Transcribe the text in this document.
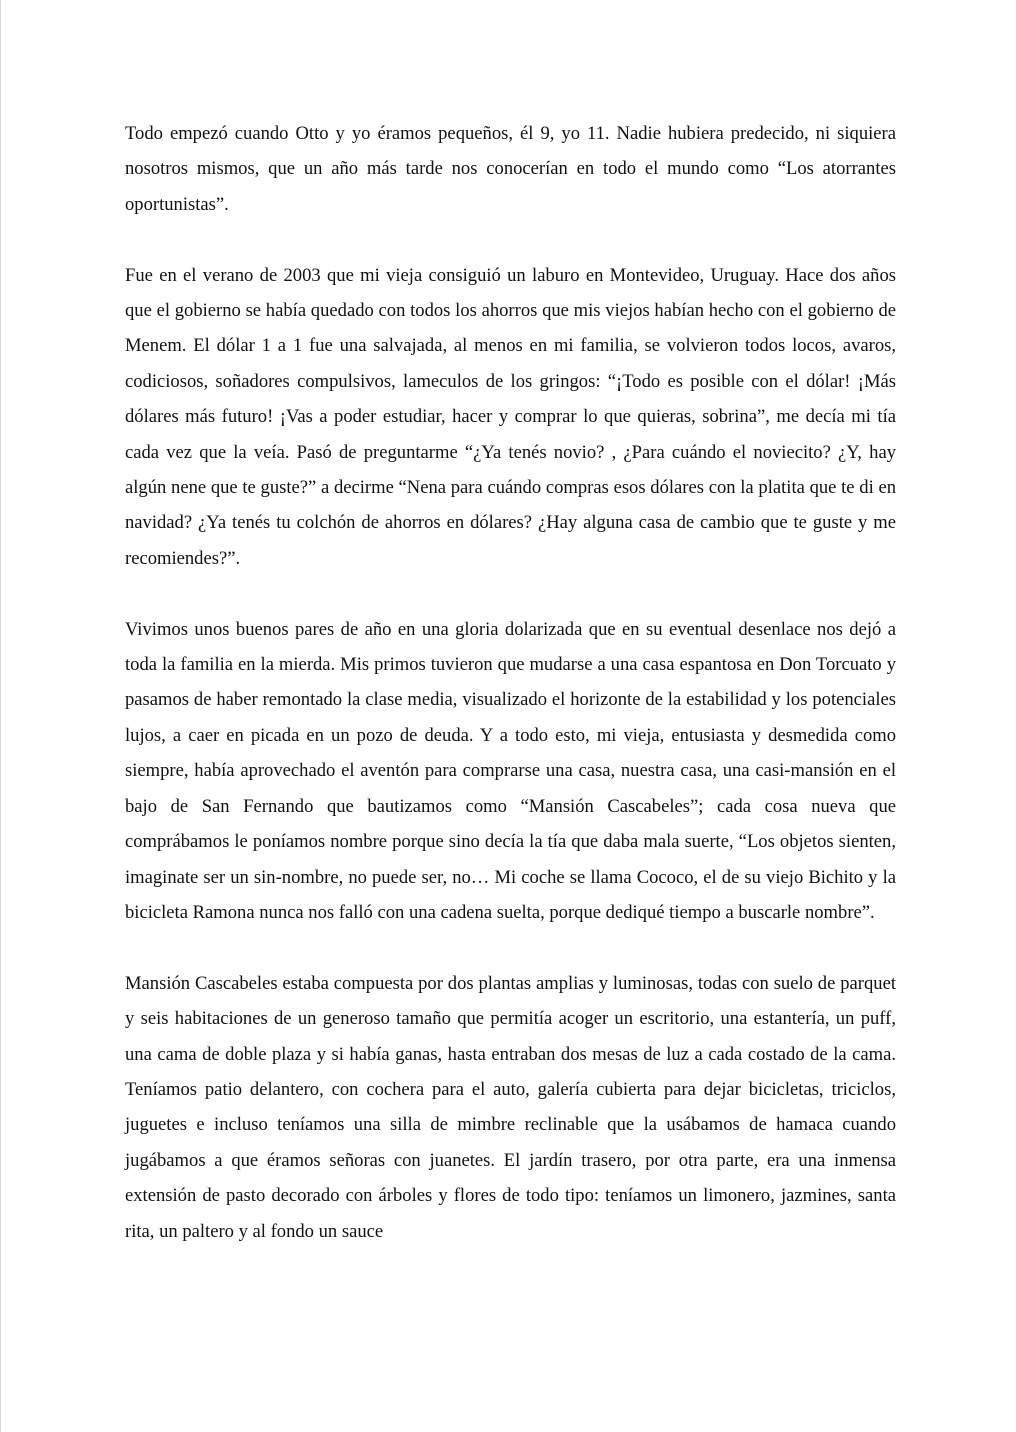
Todo empezó cuando Otto y yo éramos pequeños, él 9, yo 11. Nadie hubiera predecido, ni siquiera nosotros mismos, que un año más tarde nos conocerían en todo el mundo como “Los atorrantes oportunistas”.

Fue en el verano de 2003 que mi vieja consiguió un laburo en Montevideo, Uruguay. Hace dos años que el gobierno se había quedado con todos los ahorros que mis viejos habían hecho con el gobierno de Menem. El dólar 1 a 1 fue una salvajada, al menos en mi familia, se volvieron todos locos, avaros, codiciosos, soñadores compulsivos, lameculos de los gringos: “¡Todo es posible con el dólar! ¡Más dólares más futuro! ¡Vas a poder estudiar, hacer y comprar lo que quieras, sobrina”, me decía mi tía cada vez que la veía. Pasó de preguntarme “¿Ya tenés novio? , ¿Para cuándo el noviecito? ¿Y, hay algún nene que te guste?” a decirme “Nena para cuándo compras esos dólares con la platita que te di en navidad? ¿Ya tenés tu colchón de ahorros en dólares? ¿Hay alguna casa de cambio que te guste y me recomiendes?”.

Vivimos unos buenos pares de año en una gloria dolarizada que en su eventual desenlace nos dejó a toda la familia en la mierda. Mis primos tuvieron que mudarse a una casa espantosa en Don Torcuato y pasamos de haber remontado la clase media, visualizado el horizonte de la estabilidad y los potenciales lujos, a caer en picada en un pozo de deuda. Y a todo esto, mi vieja, entusiasta y desmedida como siempre, había aprovechado el aventón para comprarse una casa, nuestra casa, una casi-mansión en el bajo de San Fernando que bautizamos como “Mansión Cascabeles”; cada cosa nueva que comprábamos le poníamos nombre porque sino decía la tía que daba mala suerte, “Los objetos sienten, imaginate ser un sin-nombre, no puede ser, no… Mi coche se llama Cococo, el de su viejo Bichito y la bicicleta Ramona nunca nos falló con una cadena suelta, porque dediqué tiempo a buscarle nombre”.

Mansión Cascabeles estaba compuesta por dos plantas amplias y luminosas, todas con suelo de parquet y seis habitaciones de un generoso tamaño que permitía acoger un escritorio, una estantería, un puff, una cama de doble plaza y si había ganas, hasta entraban dos mesas de luz a cada costado de la cama. Teníamos patio delantero, con cochera para el auto, galería cubierta para dejar bicicletas, triciclos, juguetes e incluso teníamos una silla de mimbre reclinable que la usábamos de hamaca cuando jugábamos a que éramos señoras con juanetes. El jardín trasero, por otra parte, era una inmensa extensión de pasto decorado con árboles y flores de todo tipo: teníamos un limonero, jazmines, santa rita, un paltero y al fondo un sauce
